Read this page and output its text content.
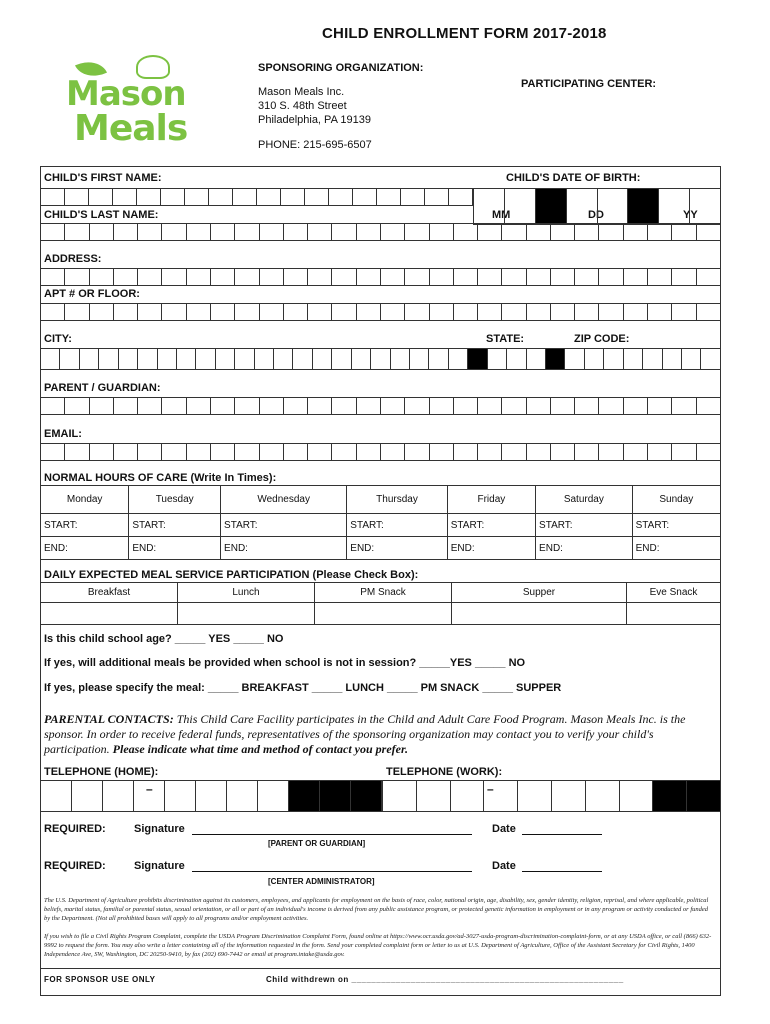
CHILD ENROLLMENT FORM 2017-2018
Mason
Meals
SPONSORING ORGANIZATION:
PARTICIPATING CENTER:
Mason Meals Inc.
310 S. 48th Street
Philadelphia, PA 19139
PHONE: 215-695-6507
CHILD'S FIRST NAME:	CHILD'S DATE OF BIRTH:
CHILD'S LAST NAME:	MM	DD	YY
ADDRESS:
APT # OR FLOOR:
CITY:	STATE:	ZIP CODE:
PARENT / GUARDIAN:
EMAIL:
NORMAL HOURS OF CARE (Write In Times):
Monday	Tuesday	Wednesday	Thursday	Friday	Saturday	Sunday
START:	START:	START:	START:	START:	START:	START:
END:	END:	END:	END:	END:	END:	END:
DAILY EXPECTED MEAL SERVICE PARTICIPATION (Please Check Box):
Breakfast	Lunch	PM Snack	Supper	Eve Snack

Is this child school age? _____ YES _____ NO
If yes, will additional meals be provided when school is not in session? _____YES _____ NO
If yes, please specify the meal: _____ BREAKFAST _____ LUNCH _____ PM SNACK _____ SUPPER
PARENTAL CONTACTS: This Child Care Facility participates in the Child and Adult Care Food Program. Mason Meals Inc. is the sponsor. In order to receive federal funds, representatives of the sponsoring organization may contact you to verify your child's participation. Please indicate what time and method of contact you prefer.
TELEPHONE (HOME):	TELEPHONE (WORK):
–	–
REQUIRED:	Signature	Date
[PARENT OR GUARDIAN]
REQUIRED:	Signature	Date
[CENTER ADMINISTRATOR]
The U.S. Department of Agriculture prohibits discrimination against its customers, employees, and applicants for employment on the basis of race, color, national origin, age, disability, sex, gender identity, religion, reprisal, and where applicable, political beliefs, marital status, familial or parental status, sexual orientation, or all or part of an individual's income is derived from any public assistance program, or protected genetic information in employment or in any program or activity conducted or funded by the Department. (Not all prohibited bases will apply to all programs and/or employment activities.
If you wish to file a Civil Rights Program Complaint, complete the USDA Program Discrimination Complaint Form, found online at https://www.ocr.usda.gov/ad-3027-usda-program-discrimination-complaint-form, or at any USDA office, or call (866) 632-9992 to request the form. You may also write a letter containing all of the information requested in the form. Send your completed complaint form or letter to us at U.S. Department of Agriculture, Office of the Assistant Secretary for Civil Rights, 1400 Independence Ave, SW, Washington, DC 20250-9410, by fax (202) 690-7442 or email at program.intake@usda.gov.
FOR SPONSOR USE ONLY	Child withdrewn on _______________________________________________________
